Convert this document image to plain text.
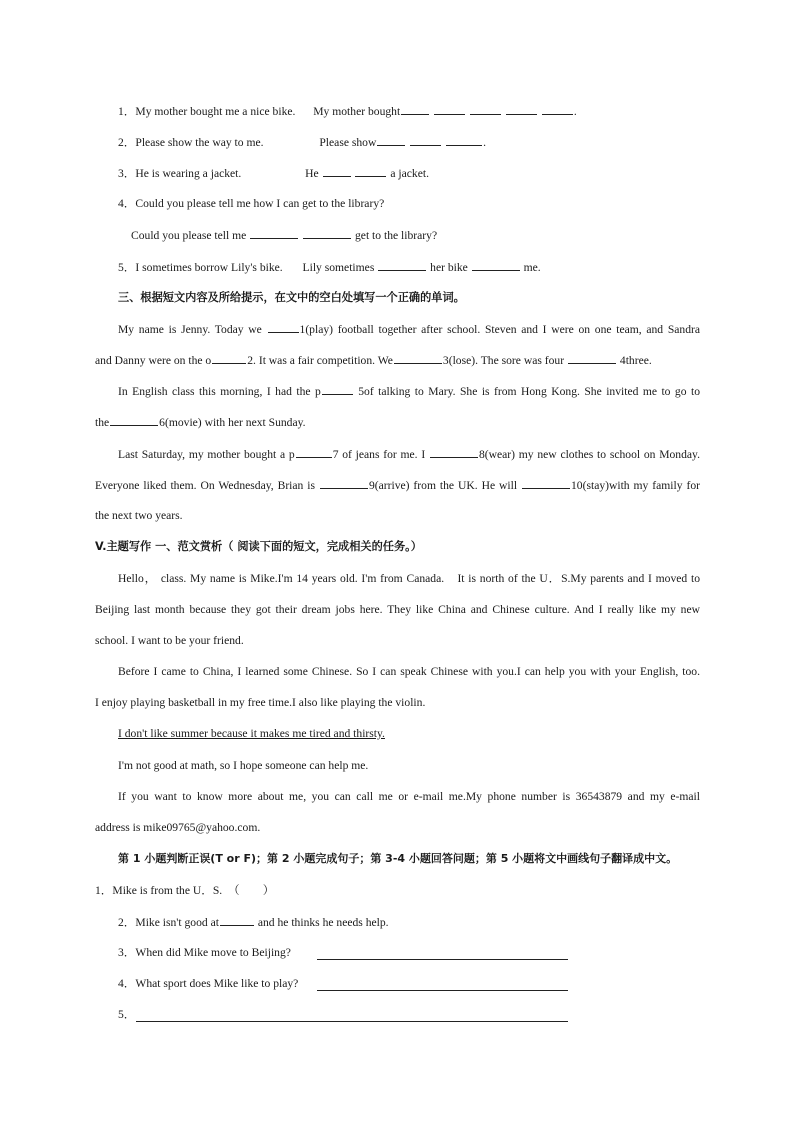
1．My mother bought me a nice bike. My mother bought	.
2．Please show the way to me.	Please show	.
3．He is wearing a jacket.	He	a jacket.
4．Could you please tell me how I can get to the library?
Could you please tell me	get to the library?
5．I sometimes borrow Lily's bike. Lily sometimes	her bike	me.
三、根据短文内容及所给提示，在文中的空白处填写一个正确的单词。
My name is Jenny. Today we	1(play) football together after school. Steven and I were on one team, and Sandra
and Danny were on the o	2. It was a fair competition. We	3(lose). The sore was four	4three.
In English class this morning, I had the p	5of talking to Mary. She is from Hong Kong. She invited me to go to
the	6(movie) with her next Sunday.
Last Saturday, my mother bought a p	7 of jeans for me. I	8(wear) my new clothes to school on Monday.
Everyone liked them. On Wednesday, Brian is	9(arrive) from the UK. He will	10(stay)with my family for
the next two years.
V.主题写作 一、范文赏析（ 阅读下面的短文，完成相关的任务。）
Hello， class. My name is Mike.I'm 14 years old. I'm from Canada.　It is north of the U．S.My parents and I moved to
Beijing last month because they got their dream jobs here. They like China and Chinese culture. And I really like my new
school. I want to be your friend.
Before I came to China, I learned some Chinese. So I can speak Chinese with you.I can help you with your English, too.
I enjoy playing basketball in my free time.I also like playing the violin.
I don't like summer because it makes me tired and thirsty.
I'm not good at math, so I hope someone can help me.
If you want to know more about me, you can call me or e-mail me.My phone number is 36543879 and my e-mail
address is mike09765@yahoo.com.
第 1 小题判断正误(T or F)；第 2 小题完成句子；第 3-4 小题回答问题；第 5 小题将文中画线句子翻译成中文。
1．Mike is from the U．S.　（　　）
2．Mike isn't good at	and he thinks he needs help.
3．When did Mike move to Beijing?
4．What sport does Mike like to play?
5．
